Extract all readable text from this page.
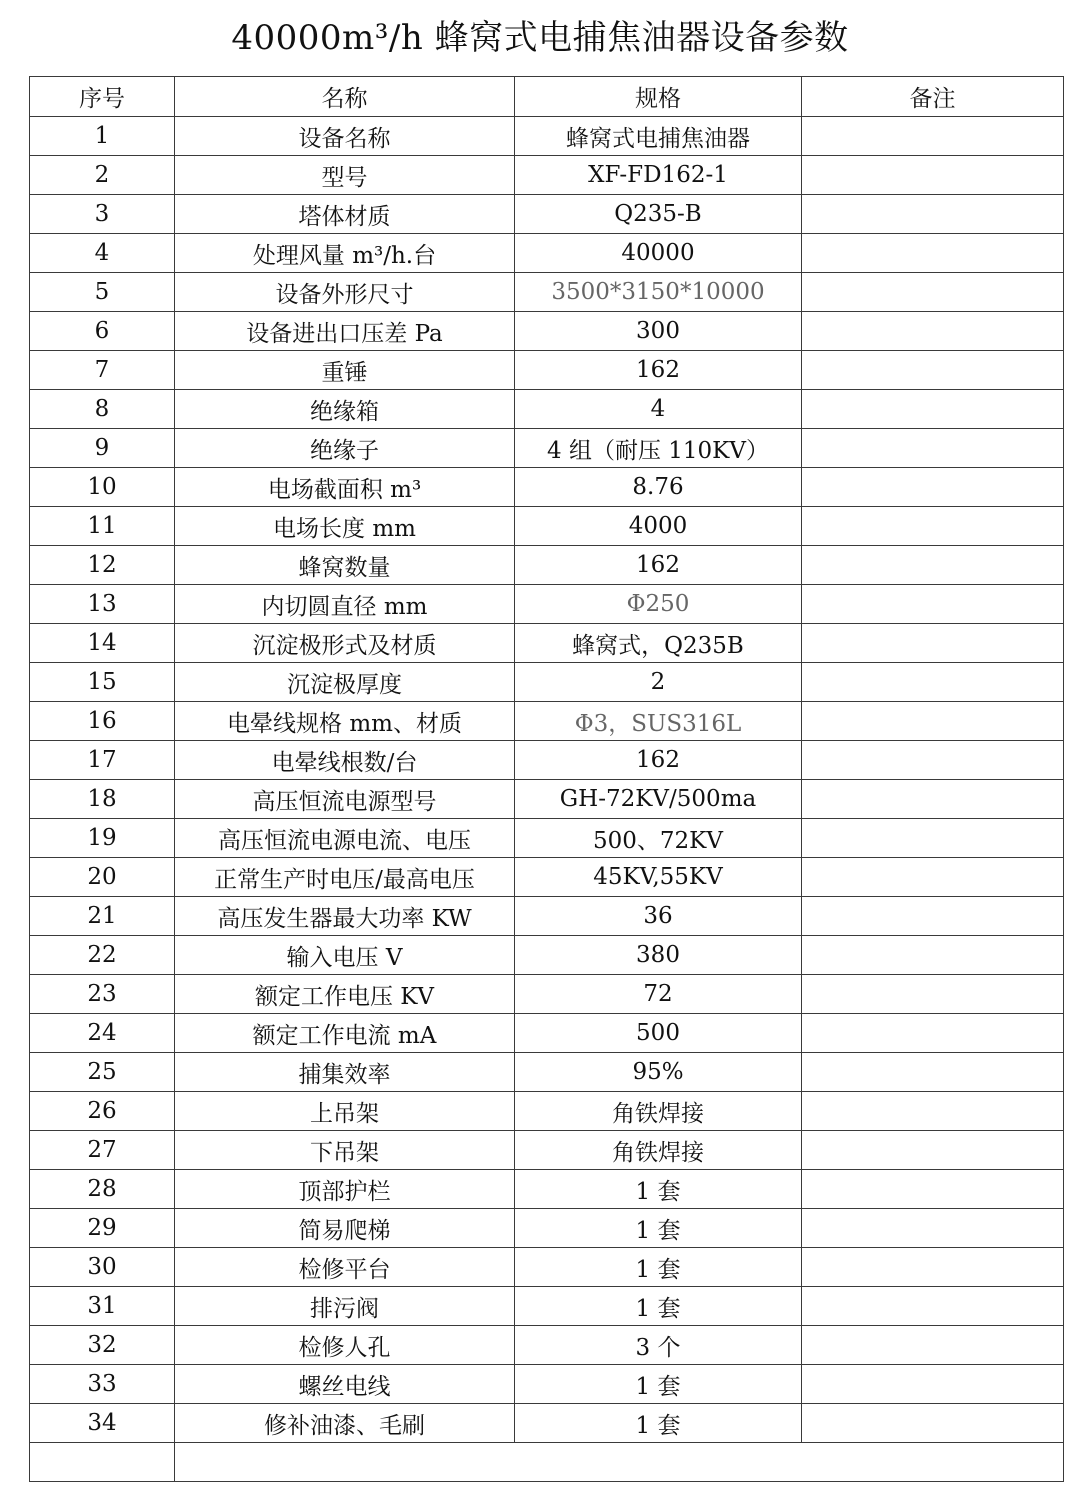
40000m³/h 蜂窝式电捕焦油器设备参数
序号	名称	规格	备注
1	设备名称	蜂窝式电捕焦油器	
2	型号	XF-FD162-1	
3	塔体材质	Q235-B	
4	处理风量 m³/h.台	40000	
5	设备外形尺寸	3500*3150*10000	
6	设备进出口压差 Pa	300	
7	重锤	162	
8	绝缘箱	4	
9	绝缘子	4 组（耐压 110KV）	
10	电场截面积 m³	8.76	
11	电场长度 mm	4000	
12	蜂窝数量	162	
13	内切圆直径 mm	Φ250	
14	沉淀极形式及材质	蜂窝式，Q235B	
15	沉淀极厚度	2	
16	电晕线规格 mm、材质	Φ3，SUS316L	
17	电晕线根数/台	162	
18	高压恒流电源型号	GH-72KV/500ma	
19	高压恒流电源电流、电压	500、72KV	
20	正常生产时电压/最高电压	45KV,55KV	
21	高压发生器最大功率 KW	36	
22	输入电压 V	380	
23	额定工作电压 KV	72	
24	额定工作电流 mA	500	
25	捕集效率	95%	
26	上吊架	角铁焊接	
27	下吊架	角铁焊接	
28	顶部护栏	1 套	
29	简易爬梯	1 套	
30	检修平台	1 套	
31	排污阀	1 套	
32	检修人孔	3 个	
33	螺丝电线	1 套	
34	修补油漆、毛刷	1 套	
